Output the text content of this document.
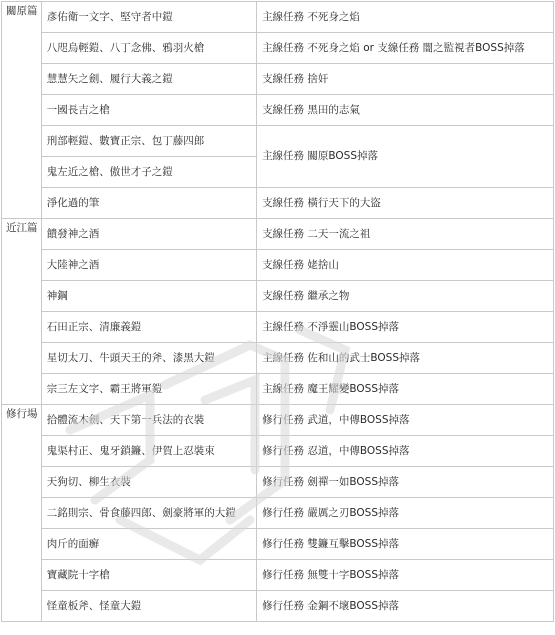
關原篇	彥佑衛一文字、堅守者中鎧	主線任務 不死身之焰
	八咫烏輕鎧、八丁念佛、鴉羽火槍	主線任務 不死身之焰 or 支線任務 闇之監視者BOSS掉落
	慧慧矢之劍、履行大義之鎧	支線任務 捨奸
	一國長吉之槍	支線任務 黑田的志氣
	刑部輕鎧、數寶正宗、包丁藤四郎	主線任務 關原BOSS掉落
	鬼左近之槍、傲世才子之鎧	
	淨化過的筆	支線任務 橫行天下的大盜
近江篇	饋發神之酒	支線任務 二天一流之祖
	大陸神之酒	支線任務 姥捨山
	神鋼	支線任務 繼承之物
	石田正宗、清廉義鎧	主線任務 不淨靈山BOSS掉落
	星切太刀、牛頭天王的斧、漆黑大鎧	主線任務 佐和山的武士BOSS掉落
	宗三左文字、霸王將軍鎧	主線任務 魔王耀變BOSS掉落
修行場	拾體流木劍、天下第一兵法的衣裝	修行任務 武道，中傳BOSS掉落
	鬼渠村正、鬼牙鎖鐮、伊賀上忍裝束	修行任務 忍道，中傳BOSS掉落
	天狗切、柳生衣裝	修行任務 劍禪一如BOSS掉落
	二銘則宗、骨食藤四郎、劍豪將軍的大鎧	修行任務 嚴厲之刃BOSS掉落
	肉斤的面癬	修行任務 雙鐮互擊BOSS掉落
	寶藏院十字槍	修行任務 無雙十字BOSS掉落
	怪童板斧、怪童大鎧	修行任務 金鋼不壞BOSS掉落
